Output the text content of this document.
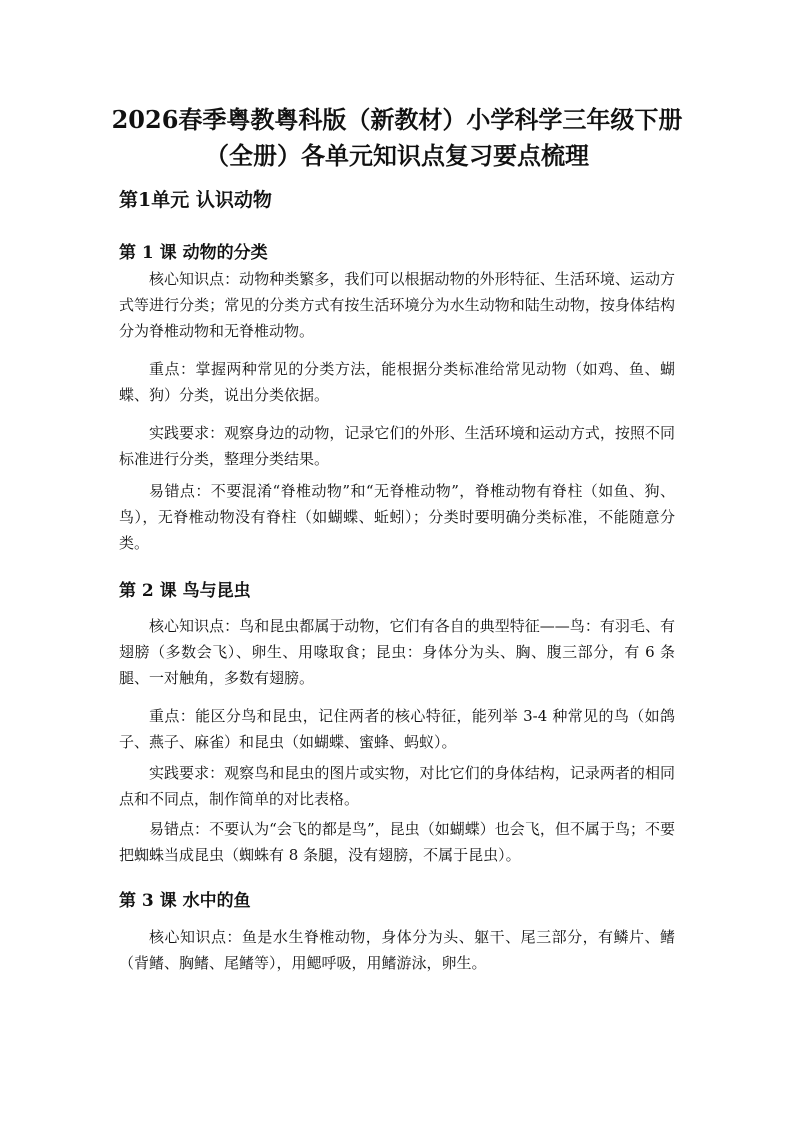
2026春季粤教粤科版（新教材）小学科学三年级下册
（全册）各单元知识点复习要点梳理
第1单元 认识动物
第 1 课 动物的分类

核心知识点：动物种类繁多，我们可以根据动物的外形特征、生活环境、运动方式等进行分类；常见的分类方式有按生活环境分为水生动物和陆生动物，按身体结构分为脊椎动物和无脊椎动物。

重点：掌握两种常见的分类方法，能根据分类标准给常见动物（如鸡、鱼、蝴蝶、狗）分类，说出分类依据。

实践要求：观察身边的动物，记录它们的外形、生活环境和运动方式，按照不同标准进行分类，整理分类结果。

易错点：不要混淆“脊椎动物”和“无脊椎动物”，脊椎动物有脊柱（如鱼、狗、鸟），无脊椎动物没有脊柱（如蝴蝶、蚯蚓）；分类时要明确分类标准，不能随意分类。

第 2 课 鸟与昆虫

核心知识点：鸟和昆虫都属于动物，它们有各自的典型特征——鸟：有羽毛、有翅膀（多数会飞）、卵生、用喙取食；昆虫：身体分为头、胸、腹三部分，有 6 条腿、一对触角，多数有翅膀。

重点：能区分鸟和昆虫，记住两者的核心特征，能列举 3-4 种常见的鸟（如鸽子、燕子、麻雀）和昆虫（如蝴蝶、蜜蜂、蚂蚁）。

实践要求：观察鸟和昆虫的图片或实物，对比它们的身体结构，记录两者的相同点和不同点，制作简单的对比表格。

易错点：不要认为“会飞的都是鸟”，昆虫（如蝴蝶）也会飞，但不属于鸟；不要把蜘蛛当成昆虫（蜘蛛有 8 条腿，没有翅膀，不属于昆虫）。

第 3 课 水中的鱼

核心知识点：鱼是水生脊椎动物，身体分为头、躯干、尾三部分，有鳞片、鳍（背鳍、胸鳍、尾鳍等），用鳃呼吸，用鳍游泳，卵生。
